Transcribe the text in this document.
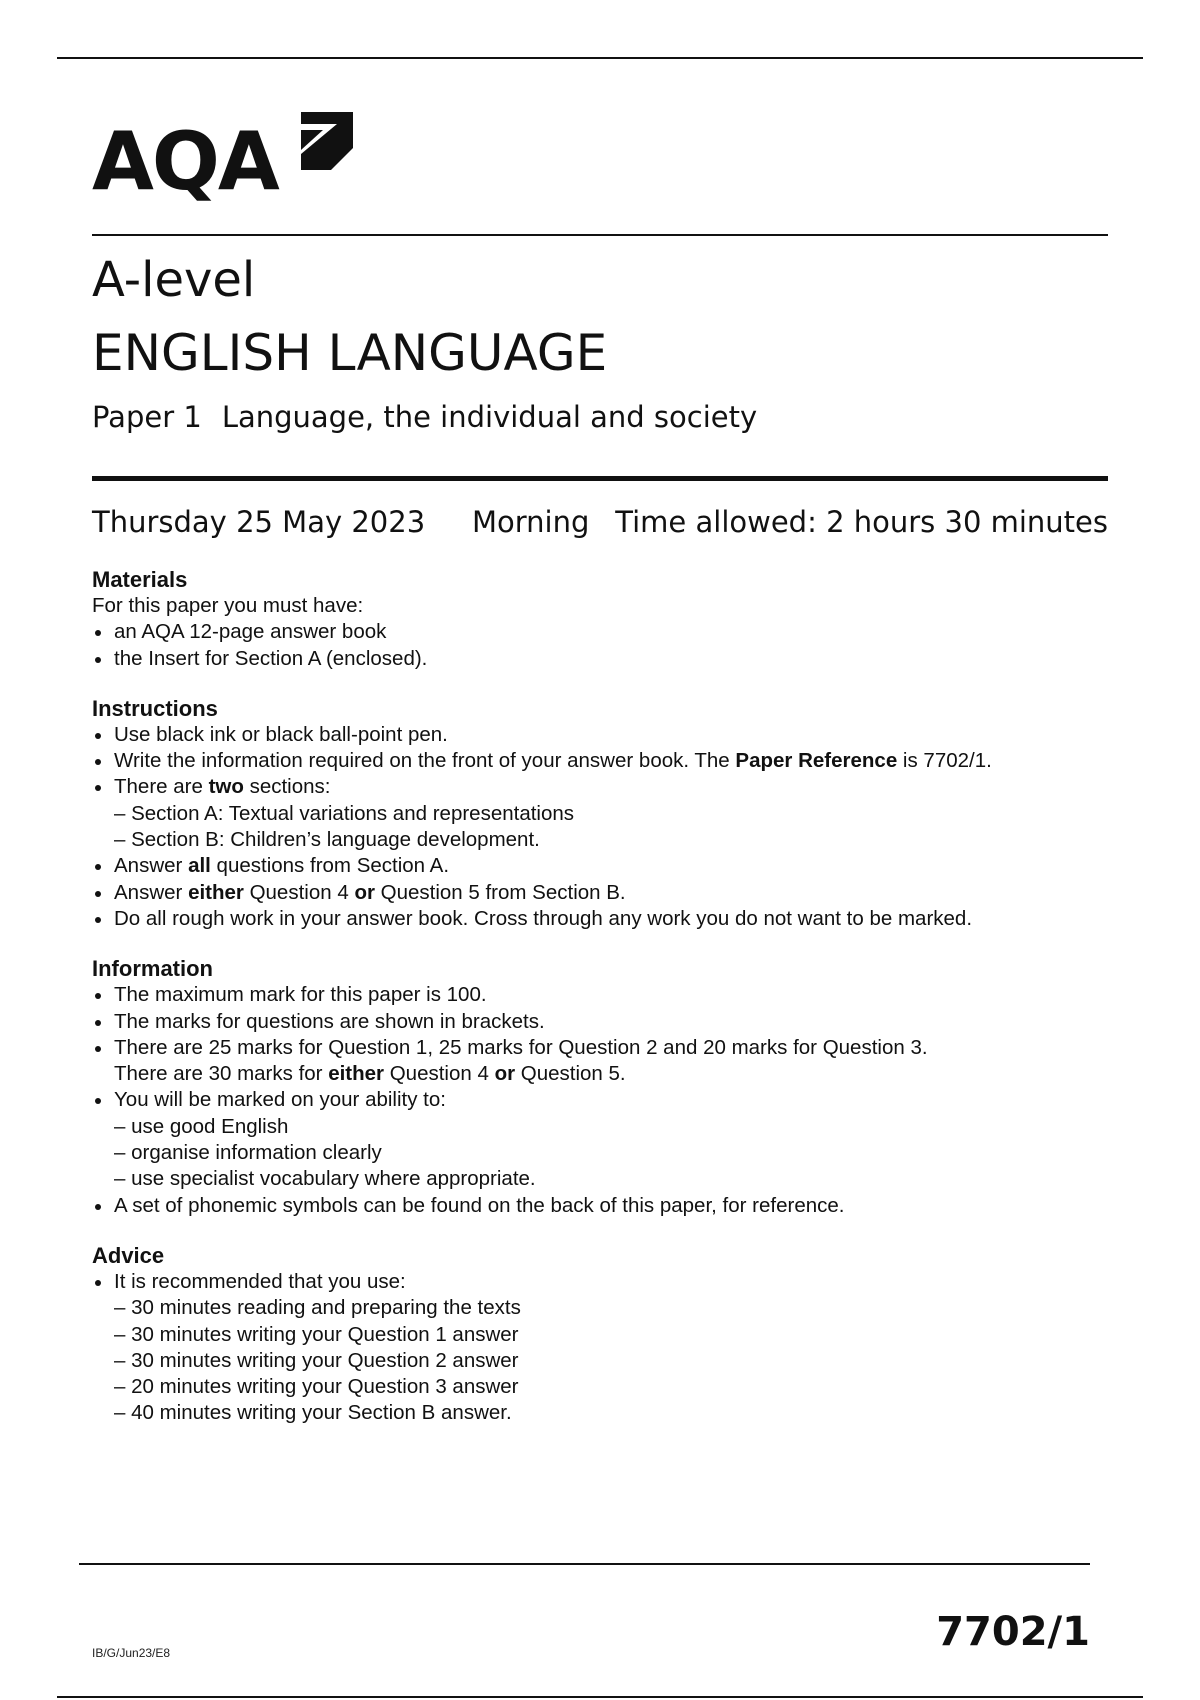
AQA
A-level
ENGLISH LANGUAGE
Paper 1 Language, the individual and society
Thursday 25 May 2023 Morning Time allowed: 2 hours 30 minutes
Materials
For this paper you must have:
an AQA 12-page answer book
the Insert for Section A (enclosed).
Instructions
Use black ink or black ball-point pen.
Write the information required on the front of your answer book. The Paper Reference is 7702/1.
There are two sections:
– Section A: Textual variations and representations
– Section B: Children’s language development.
Answer all questions from Section A.
Answer either Question 4 or Question 5 from Section B.
Do all rough work in your answer book. Cross through any work you do not want to be marked.
Information
The maximum mark for this paper is 100.
The marks for questions are shown in brackets.
There are 25 marks for Question 1, 25 marks for Question 2 and 20 marks for Question 3.
There are 30 marks for either Question 4 or Question 5.
You will be marked on your ability to:
– use good English
– organise information clearly
– use specialist vocabulary where appropriate.
A set of phonemic symbols can be found on the back of this paper, for reference.
Advice
It is recommended that you use:
– 30 minutes reading and preparing the texts
– 30 minutes writing your Question 1 answer
– 30 minutes writing your Question 2 answer
– 20 minutes writing your Question 3 answer
– 40 minutes writing your Section B answer.
IB/G/Jun23/E8	7702/1
